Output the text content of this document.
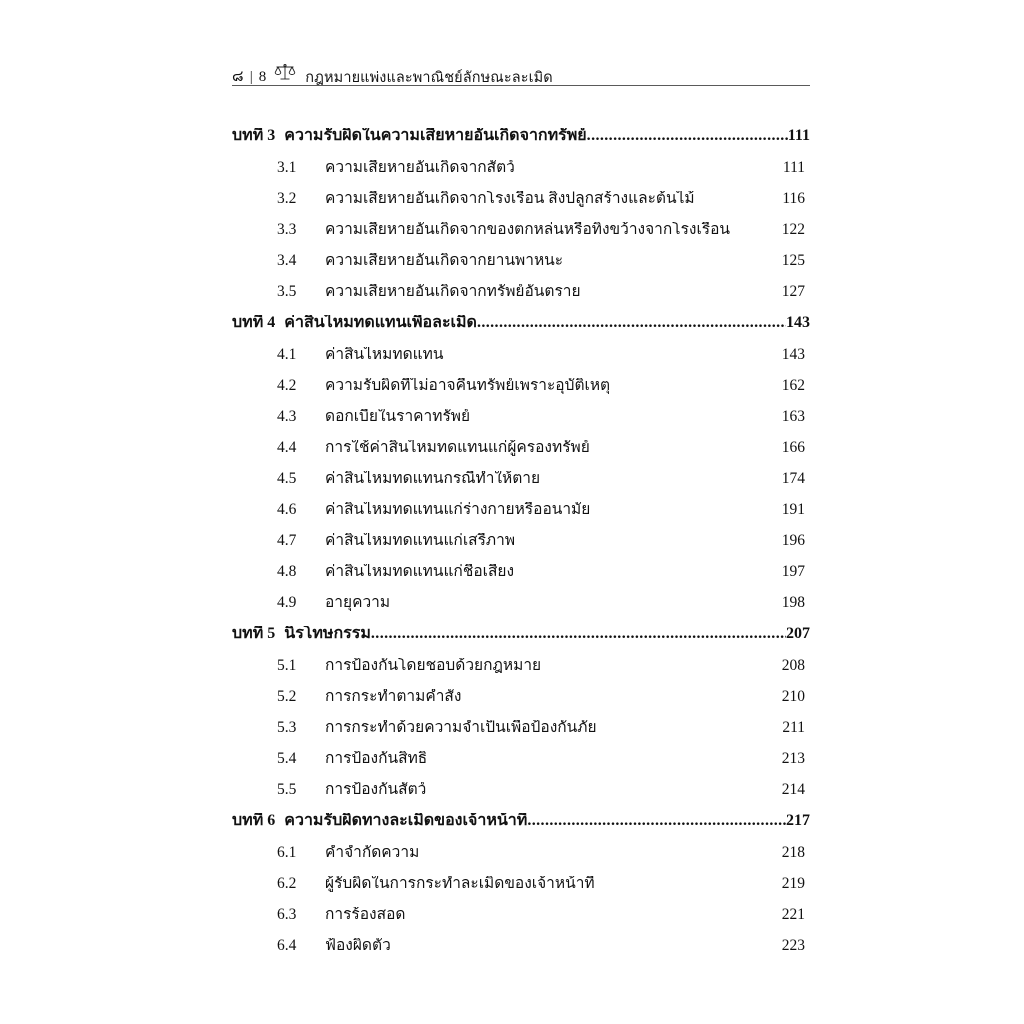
๘ | 8	กฎหมายแพ่งและพาณิชย์ลักษณะละเมิด
บทที่ 3 ความรับผิดในความเสียหายอันเกิดจากทรัพย์ .....	111
3.1	ความเสียหายอันเกิดจากสัตว์	111
3.2	ความเสียหายอันเกิดจากโรงเรือน สิ่งปลูกสร้างและต้นไม้	116
3.3	ความเสียหายอันเกิดจากของตกหล่นหรือทิ้งขว้างจากโรงเรือน	122
3.4	ความเสียหายอันเกิดจากยานพาหนะ	125
3.5	ความเสียหายอันเกิดจากทรัพย์อันตราย	127
บทที่ 4 ค่าสินไหมทดแทนเพื่อละเมิด .....	143
4.1	ค่าสินไหมทดแทน	143
4.2	ความรับผิดที่ไม่อาจคืนทรัพย์เพราะอุบัติเหตุ	162
4.3	ดอกเบี้ยในราคาทรัพย์	163
4.4	การใช้ค่าสินไหมทดแทนแก่ผู้ครองทรัพย์	166
4.5	ค่าสินไหมทดแทนกรณีทำให้ตาย	174
4.6	ค่าสินไหมทดแทนแก่ร่างกายหรืออนามัย	191
4.7	ค่าสินไหมทดแทนแก่เสรีภาพ	196
4.8	ค่าสินไหมทดแทนแก่ชื่อเสียง	197
4.9	อายุความ	198
บทที่ 5 นิรโทษกรรม .....	207
5.1	การป้องกันโดยชอบด้วยกฎหมาย	208
5.2	การกระทำตามคำสั่ง	210
5.3	การกระทำด้วยความจำเป็นเพื่อป้องกันภัย	211
5.4	การป้องกันสิทธิ	213
5.5	การป้องกันสัตว์	214
บทที่ 6 ความรับผิดทางละเมิดของเจ้าหน้าที่ .....	217
6.1	คำจำกัดความ	218
6.2	ผู้รับผิดในการกระทำละเมิดของเจ้าหน้าที่	219
6.3	การร้องสอด	221
6.4	ฟ้องผิดตัว	223
